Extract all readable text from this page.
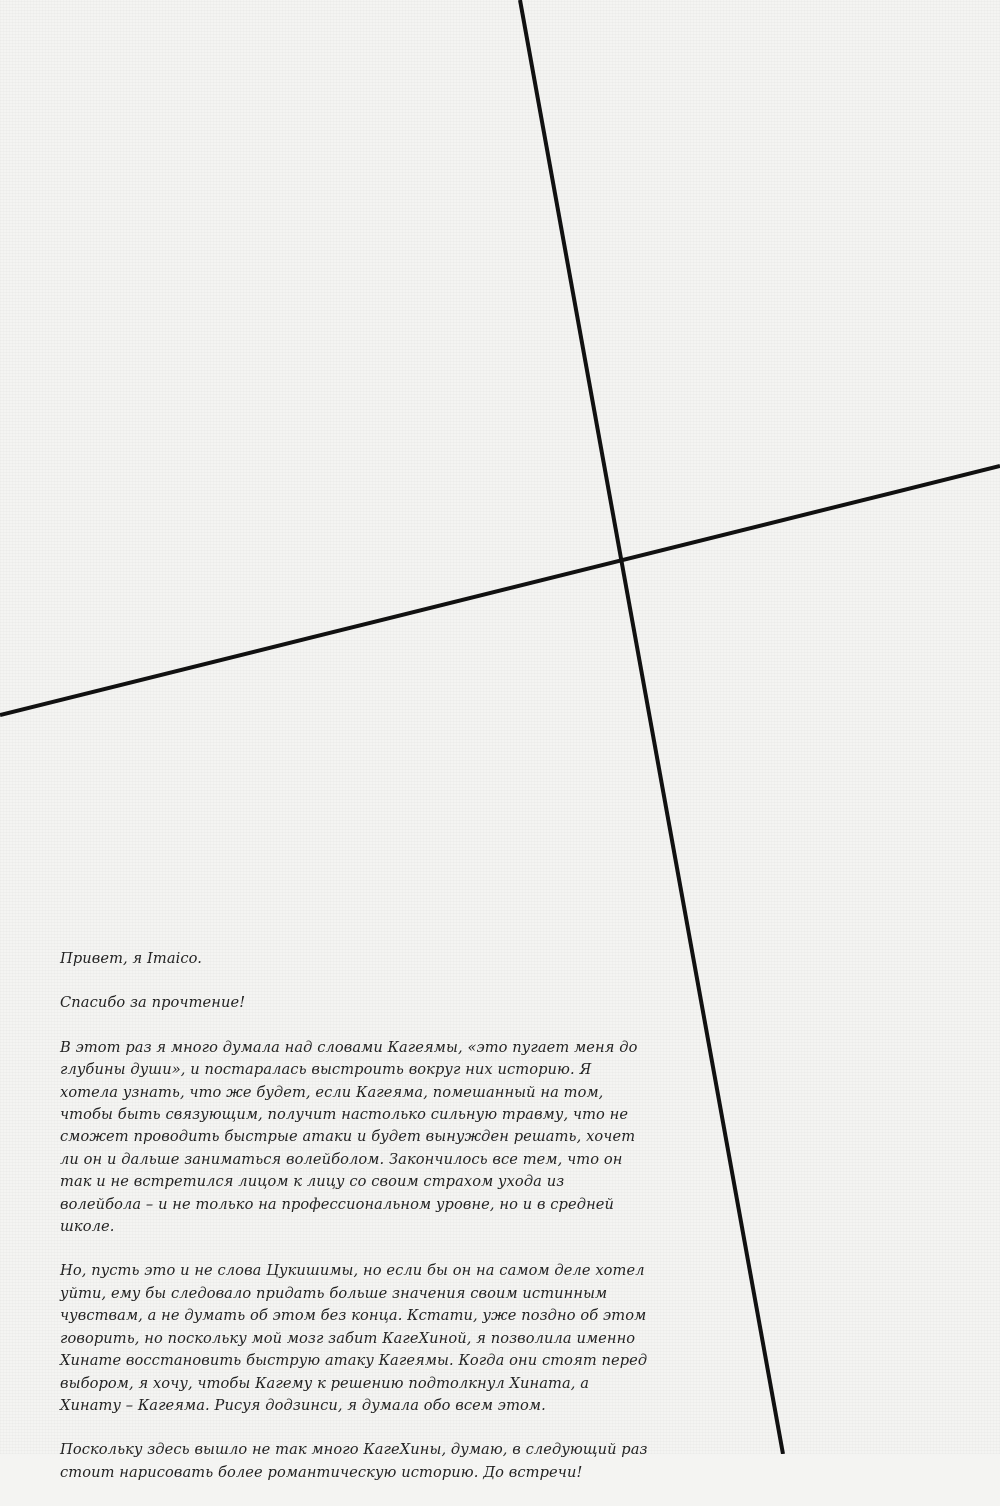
Привет, я Imaico.

Спасибо за прочтение!

В этот раз я много думала над словами Кагеямы, «это пугает меня до глубины души», и постаралась выстроить вокруг них историю. Я хотела узнать, что же будет, если Кагеяма, помешанный на том, чтобы быть связующим, получит настолько сильную травму, что не сможет проводить быстрые атаки и будет вынужден решать, хочет ли он и дальше заниматься волейболом. Закончилось все тем, что он так и не встретился лицом к лицу со своим страхом ухода из волейбола – и не только на профессиональном уровне, но и в средней школе.

Но, пусть это и не слова Цукишимы, но если бы он на самом деле хотел уйти, ему бы следовало придать больше значения своим истинным чувствам, а не думать об этом без конца. Кстати, уже поздно об этом говорить, но поскольку мой мозг забит КагеХиной, я позволила именно Хинате восстановить быструю атаку Кагеямы. Когда они стоят перед выбором, я хочу, чтобы Кагему к решению подтолкнул Хината, а Хинату – Кагеяма. Рисуя додзинси, я думала обо всем этом.

Поскольку здесь вышло не так много КагеХины, думаю, в следующий раз стоит нарисовать более романтическую историю. До встречи!
